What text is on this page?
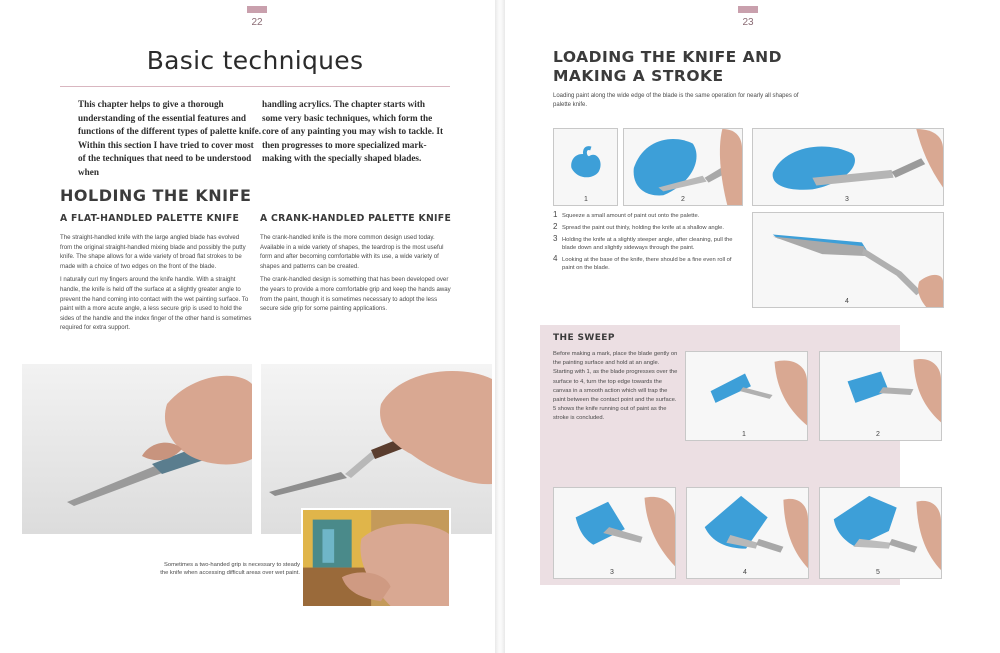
22
Basic techniques

This chapter helps to give a thorough understanding of the essential features and functions of the different types of palette knife. Within this section I have tried to cover most of the techniques that need to be understood when

handling acrylics. The chapter starts with some very basic techniques, which form the core of any painting you may wish to tackle. It then progresses to more specialized mark-making with the specially shaped blades.

HOLDING THE KNIFE
A FLAT-HANDLED PALETTE KNIFE A CRANK-HANDLED PALETTE KNIFE

The straight-handled knife with the large angled blade has evolved from the original straight-handled mixing blade and possibly the putty knife. The shape allows for a wide variety of broad flat strokes to be made with a choice of two edges on the front of the blade.

I naturally curl my fingers around the knife handle. With a straight handle, the knife is held off the surface at a slightly greater angle to prevent the hand coming into contact with the wet painting surface. To paint with a more acute angle, a less secure grip is used to hold the sides of the handle and the index finger of the other hand is sometimes required for extra support.

The crank-handled knife is the more common design used today. Available in a wide variety of shapes, the teardrop is the most useful form and after becoming comfortable with its use, a wide variety of shapes and patterns can be created.

The crank-handled design is something that has been developed over the years to provide a more comfortable grip and keep the hands away from the paint, though it is sometimes necessary to adopt the less secure side grip for some painting applications.

Sometimes a two-handed grip is necessary to steady the knife when accessing difficult areas over wet paint.

23
LOADING THE KNIFE AND
MAKING A STROKE

Loading paint along the wide edge of the blade is the same operation for nearly all shapes of palette knife.

1	2	3
4
1 Squeeze a small amount of paint out onto the palette.
2 Spread the paint out thinly, holding the knife at a shallow angle.
3 Holding the knife at a slightly steeper angle, after cleaning, pull the blade down and slightly sideways through the paint.
4 Looking at the base of the knife, there should be a fine even roll of paint on the blade.
THE SWEEP

Before making a mark, place the blade gently on the painting surface and hold at an angle. Starting with 1, as the blade progresses over the surface to 4, turn the top edge towards the canvas in a smooth action which will trap the paint between the contact point and the surface. 5 shows the knife running out of paint as the stroke is concluded.

1	2
3	4	5
